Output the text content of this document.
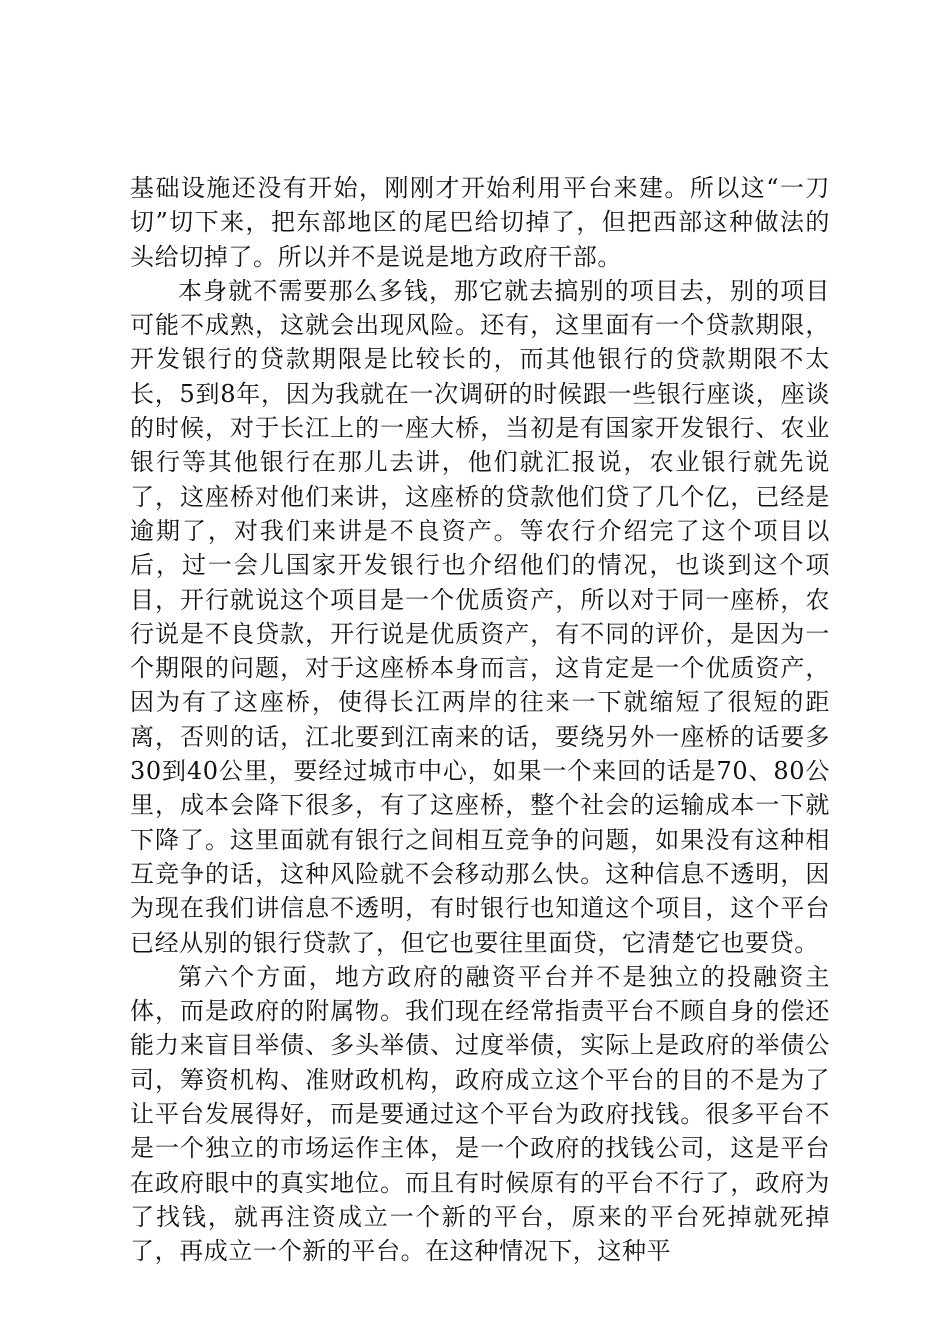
基础设施还没有开始，刚刚才开始利用平台来建。所以这“一刀切”切下来，把东部地区的尾巴给切掉了，但把西部这种做法的头给切掉了。所以并不是说是地方政府干部。

本身就不需要那么多钱，那它就去搞别的项目去，别的项目可能不成熟，这就会出现风险。还有，这里面有一个贷款期限，开发银行的贷款期限是比较长的，而其他银行的贷款期限不太长，5到8年，因为我就在一次调研的时候跟一些银行座谈，座谈的时候，对于长江上的一座大桥，当初是有国家开发银行、农业银行等其他银行在那儿去讲，他们就汇报说，农业银行就先说了，这座桥对他们来讲，这座桥的贷款他们贷了几个亿，已经是逾期了，对我们来讲是不良资产。等农行介绍完了这个项目以后，过一会儿国家开发银行也介绍他们的情况，也谈到这个项目，开行就说这个项目是一个优质资产，所以对于同一座桥，农行说是不良贷款，开行说是优质资产，有不同的评价，是因为一个期限的问题，对于这座桥本身而言，这肯定是一个优质资产，因为有了这座桥，使得长江两岸的往来一下就缩短了很短的距离，否则的话，江北要到江南来的话，要绕另外一座桥的话要多30到40公里，要经过城市中心，如果一个来回的话是70、80公里，成本会降下很多，有了这座桥，整个社会的运输成本一下就下降了。这里面就有银行之间相互竞争的问题，如果没有这种相互竞争的话，这种风险就不会移动那么快。这种信息不透明，因为现在我们讲信息不透明，有时银行也知道这个项目，这个平台已经从别的银行贷款了，但它也要往里面贷，它清楚它也要贷。

第六个方面，地方政府的融资平台并不是独立的投融资主体，而是政府的附属物。我们现在经常指责平台不顾自身的偿还能力来盲目举债、多头举债、过度举债，实际上是政府的举债公司，筹资机构、准财政机构，政府成立这个平台的目的不是为了让平台发展得好，而是要通过这个平台为政府找钱。很多平台不是一个独立的市场运作主体，是一个政府的找钱公司，这是平台在政府眼中的真实地位。而且有时候原有的平台不行了，政府为了找钱，就再注资成立一个新的平台，原来的平台死掉就死掉了，再成立一个新的平台。在这种情况下，这种平
